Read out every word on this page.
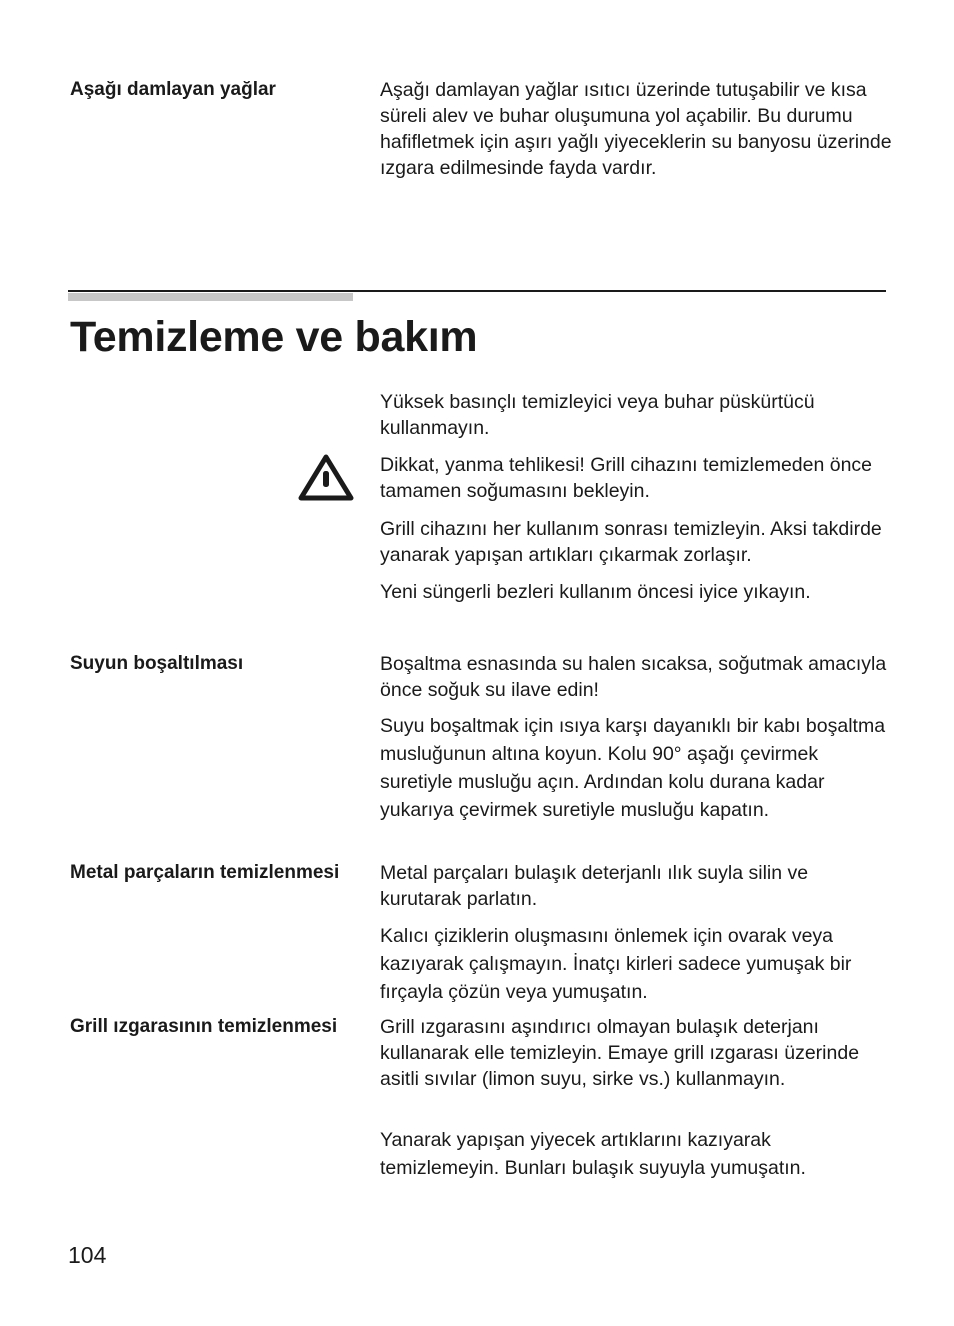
Aşağı damlayan yağlar	Aşağı damlayan yağlar ısıtıcı üzerinde tutuşabilir ve kısa süreli alev ve buhar oluşumuna yol açabilir. Bu durumu hafifletmek için aşırı yağlı yiyeceklerin su banyosu üzerinde ızgara edilmesinde fayda vardır.
Temizleme ve bakım

Yüksek basınçlı temizleyici veya buhar püskürtücü kullanmayın.

Dikkat, yanma tehlikesi! Grill cihazını temizlemeden önce tamamen soğumasını bekleyin.

Grill cihazını her kullanım sonrası temizleyin. Aksi takdirde yanarak yapışan artıkları çıkarmak zorlaşır.

Yeni süngerli bezleri kullanım öncesi iyice yıkayın.

Suyun boşaltılması	Boşaltma esnasında su halen sıcaksa, soğutmak amacıyla önce soğuk su ilave edin!

Suyu boşaltmak için ısıya karşı dayanıklı bir kabı boşaltma musluğunun altına koyun. Kolu 90° aşağı çevirmek suretiyle musluğu açın. Ardından kolu durana kadar yukarıya çevirmek suretiyle musluğu kapatın.

Metal parçaların temizlenmesi	Metal parçaları bulaşık deterjanlı ılık suyla silin ve kurutarak parlatın.

Kalıcı çiziklerin oluşmasını önlemek için ovarak veya kazıyarak çalışmayın. İnatçı kirleri sadece yumuşak bir fırçayla çözün veya yumuşatın.

Grill ızgarasının temizlenmesi	Grill ızgarasını aşındırıcı olmayan bulaşık deterjanı kullanarak elle temizleyin. Emaye grill ızgarası üzerinde asitli sıvılar (limon suyu, sirke vs.) kullanmayın.

Yanarak yapışan yiyecek artıklarını kazıyarak temizlemeyin. Bunları bulaşık suyuyla yumuşatın.

104
